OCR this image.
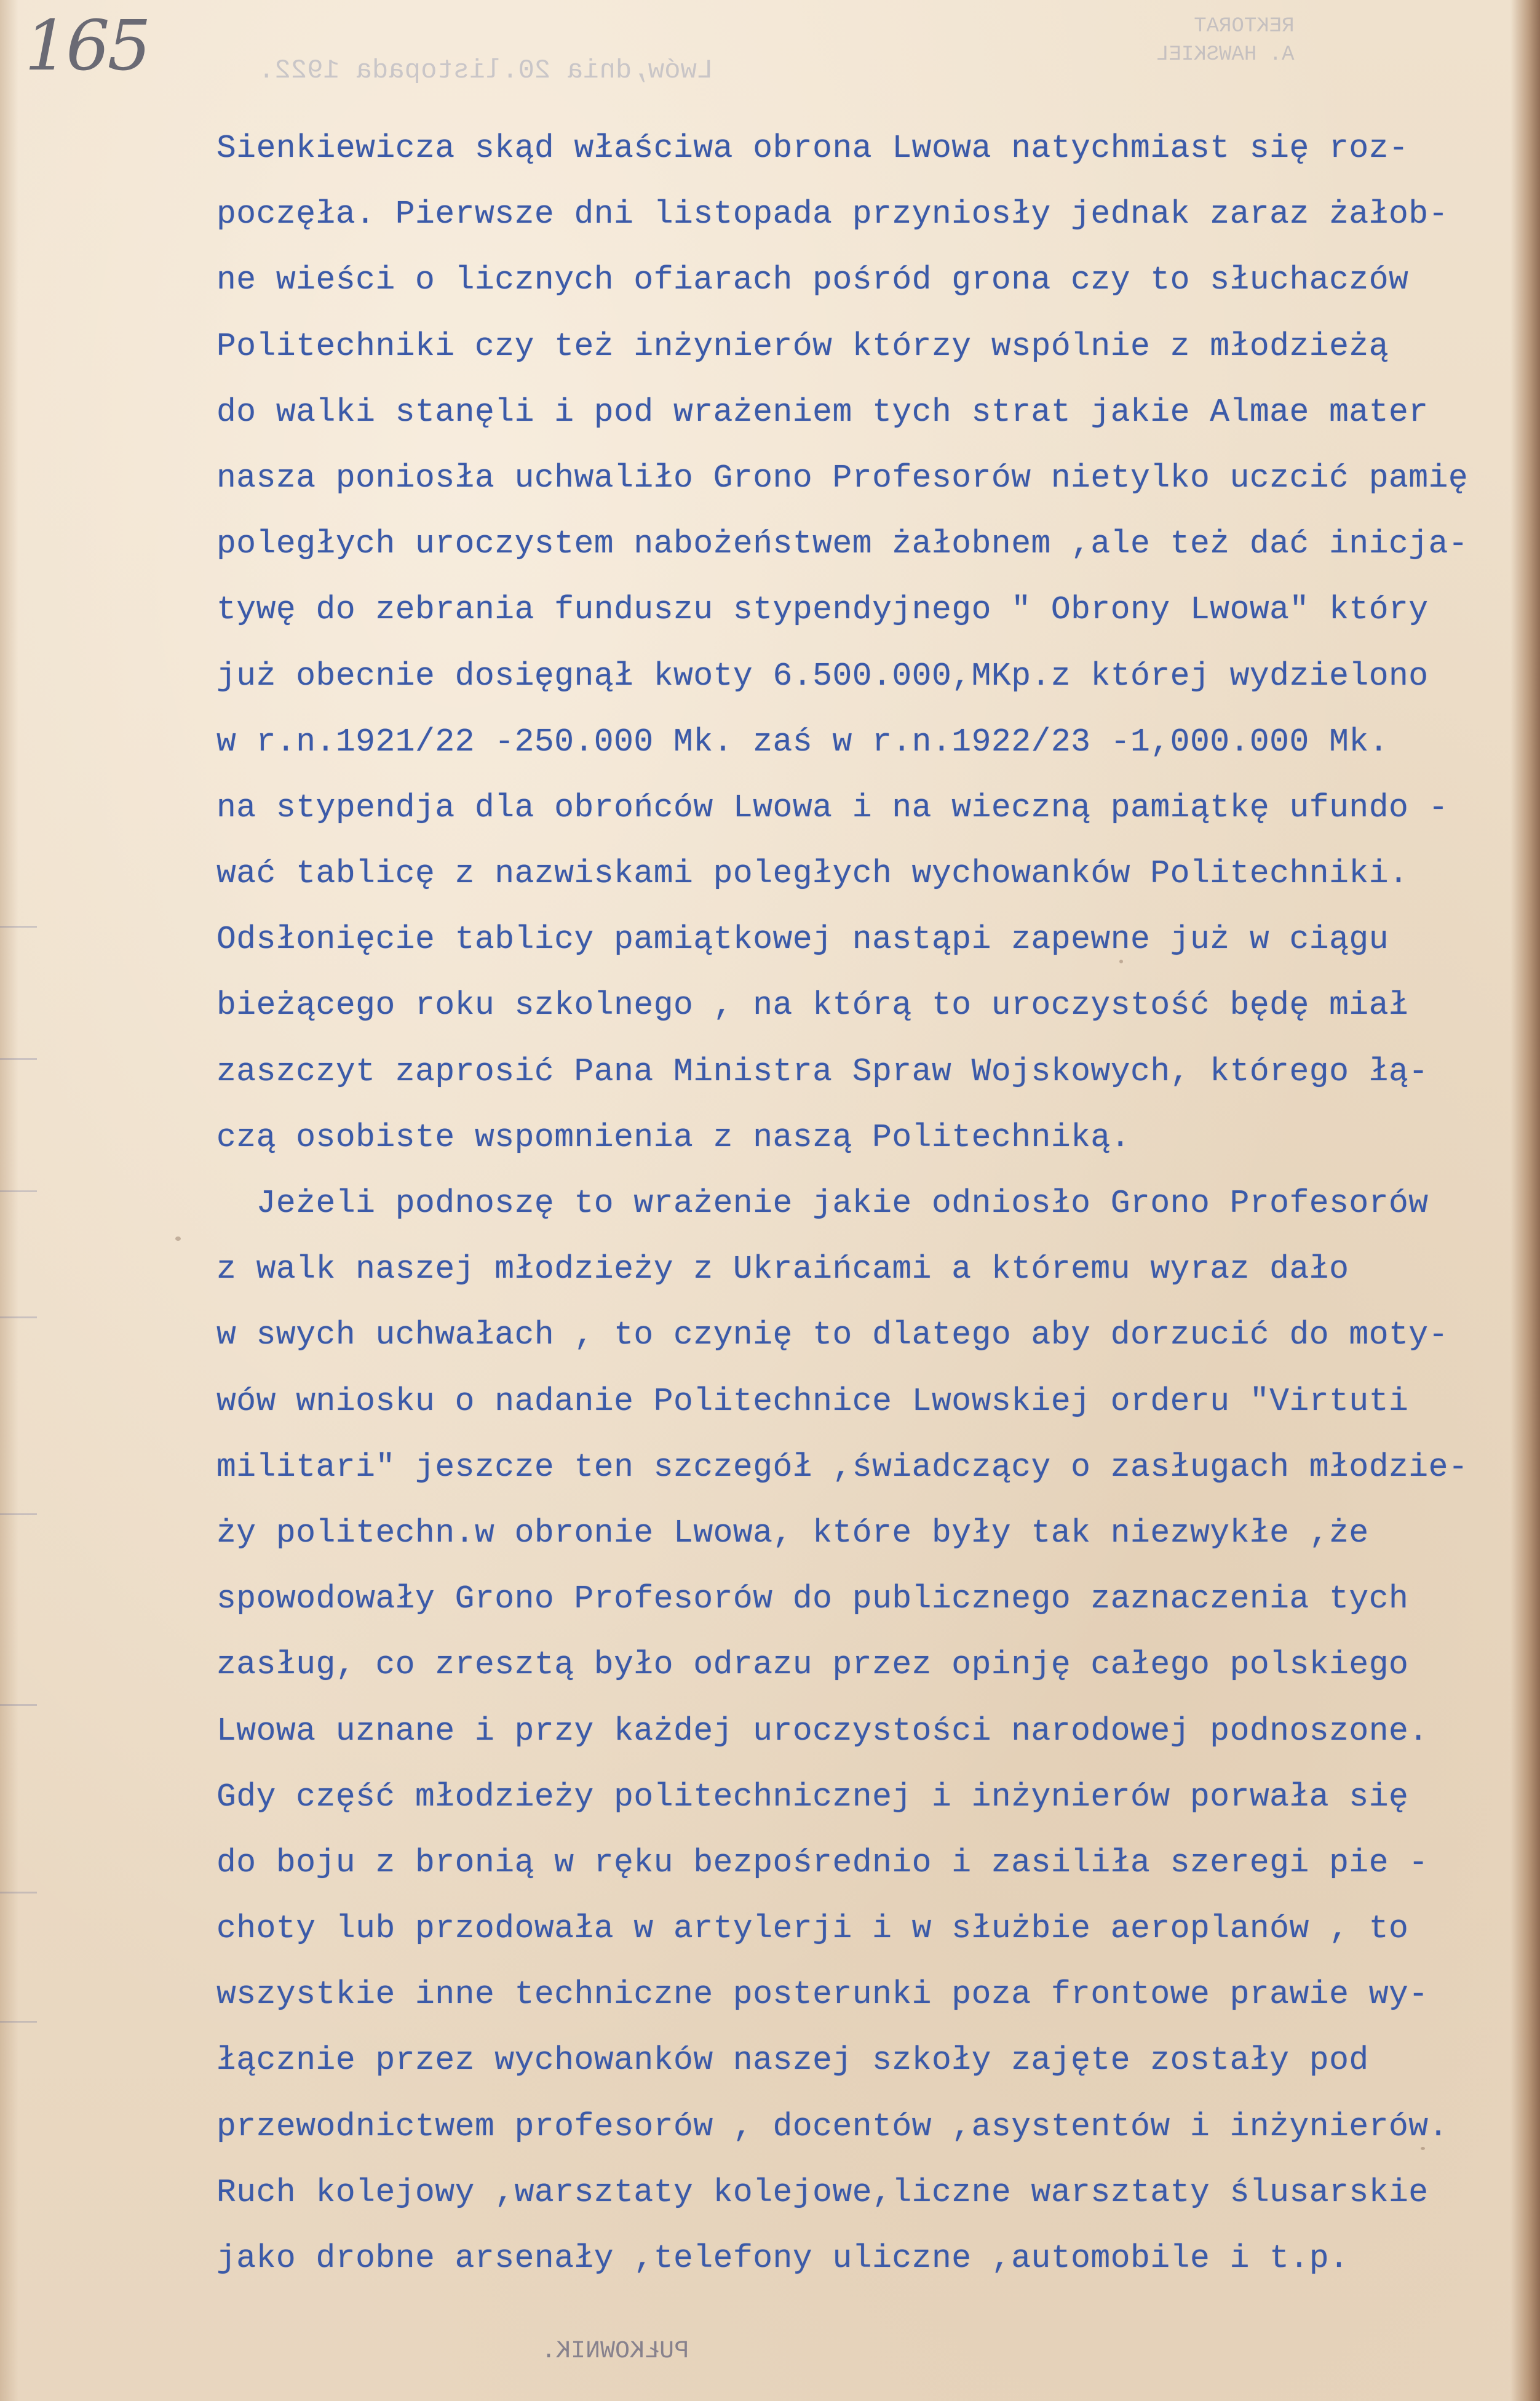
Lwów,dnia 20.listopada 1922.
REKTORAT
A. HAWSKIEL
PUŁKOWNIK.
165
Sienkiewicza skąd właściwa obrona Lwowa natychmiast się roz-
poczęła. Pierwsze dni listopada przyniosły jednak zaraz żałob-
ne wieści o licznych ofiarach pośród grona czy to słuchaczów
Politechniki czy też inżynierów którzy wspólnie z młodzieżą
do walki stanęli i pod wrażeniem tych strat jakie Almae mater
nasza poniosła uchwaliło Grono Profesorów nietylko uczcić pamię
poległych uroczystem nabożeństwem żałobnem ,ale też dać inicja-
tywę do zebrania funduszu stypendyjnego " Obrony Lwowa" który
już obecnie dosięgnął kwoty 6.500.000,MKp.z której wydzielono
w r.n.1921/22 -250.000 Mk. zaś w r.n.1922/23 -1,000.000 Mk.
na stypendja dla obrońców Lwowa i na wieczną pamiątkę ufundo -
wać tablicę z nazwiskami poległych wychowanków Politechniki.
Odsłonięcie tablicy pamiątkowej nastąpi zapewne już w ciągu
bieżącego roku szkolnego , na którą to uroczystość będę miał
zaszczyt zaprosić Pana Ministra Spraw Wojskowych, którego łą-
czą osobiste wspomnienia z naszą Politechniką.
Jeżeli podnoszę to wrażenie jakie odniosło Grono Profesorów
z walk naszej młodzieży z Ukraińcami a któremu wyraz dało
w swych uchwałach , to czynię to dlatego aby dorzucić do moty-
wów wniosku o nadanie Politechnice Lwowskiej orderu "Virtuti
militari" jeszcze ten szczegół ,świadczący o zasługach młodzie-
ży politechn.w obronie Lwowa, które były tak niezwykłe ,że
spowodowały Grono Profesorów do publicznego zaznaczenia tych
zasług, co zresztą było odrazu przez opinję całego polskiego
Lwowa uznane i przy każdej uroczystości narodowej podnoszone.
Gdy część młodzieży politechnicznej i inżynierów porwała się
do boju z bronią w ręku bezpośrednio i zasiliła szeregi pie -
choty lub przodowała w artylerji i w służbie aeroplanów , to
wszystkie inne techniczne posterunki poza frontowe prawie wy-
łącznie przez wychowanków naszej szkoły zajęte zostały pod
przewodnictwem profesorów , docentów ,asystentów i inżynierów.
Ruch kolejowy ,warsztaty kolejowe,liczne warsztaty ślusarskie
jako drobne arsenały ,telefony uliczne ,automobile i t.p.
